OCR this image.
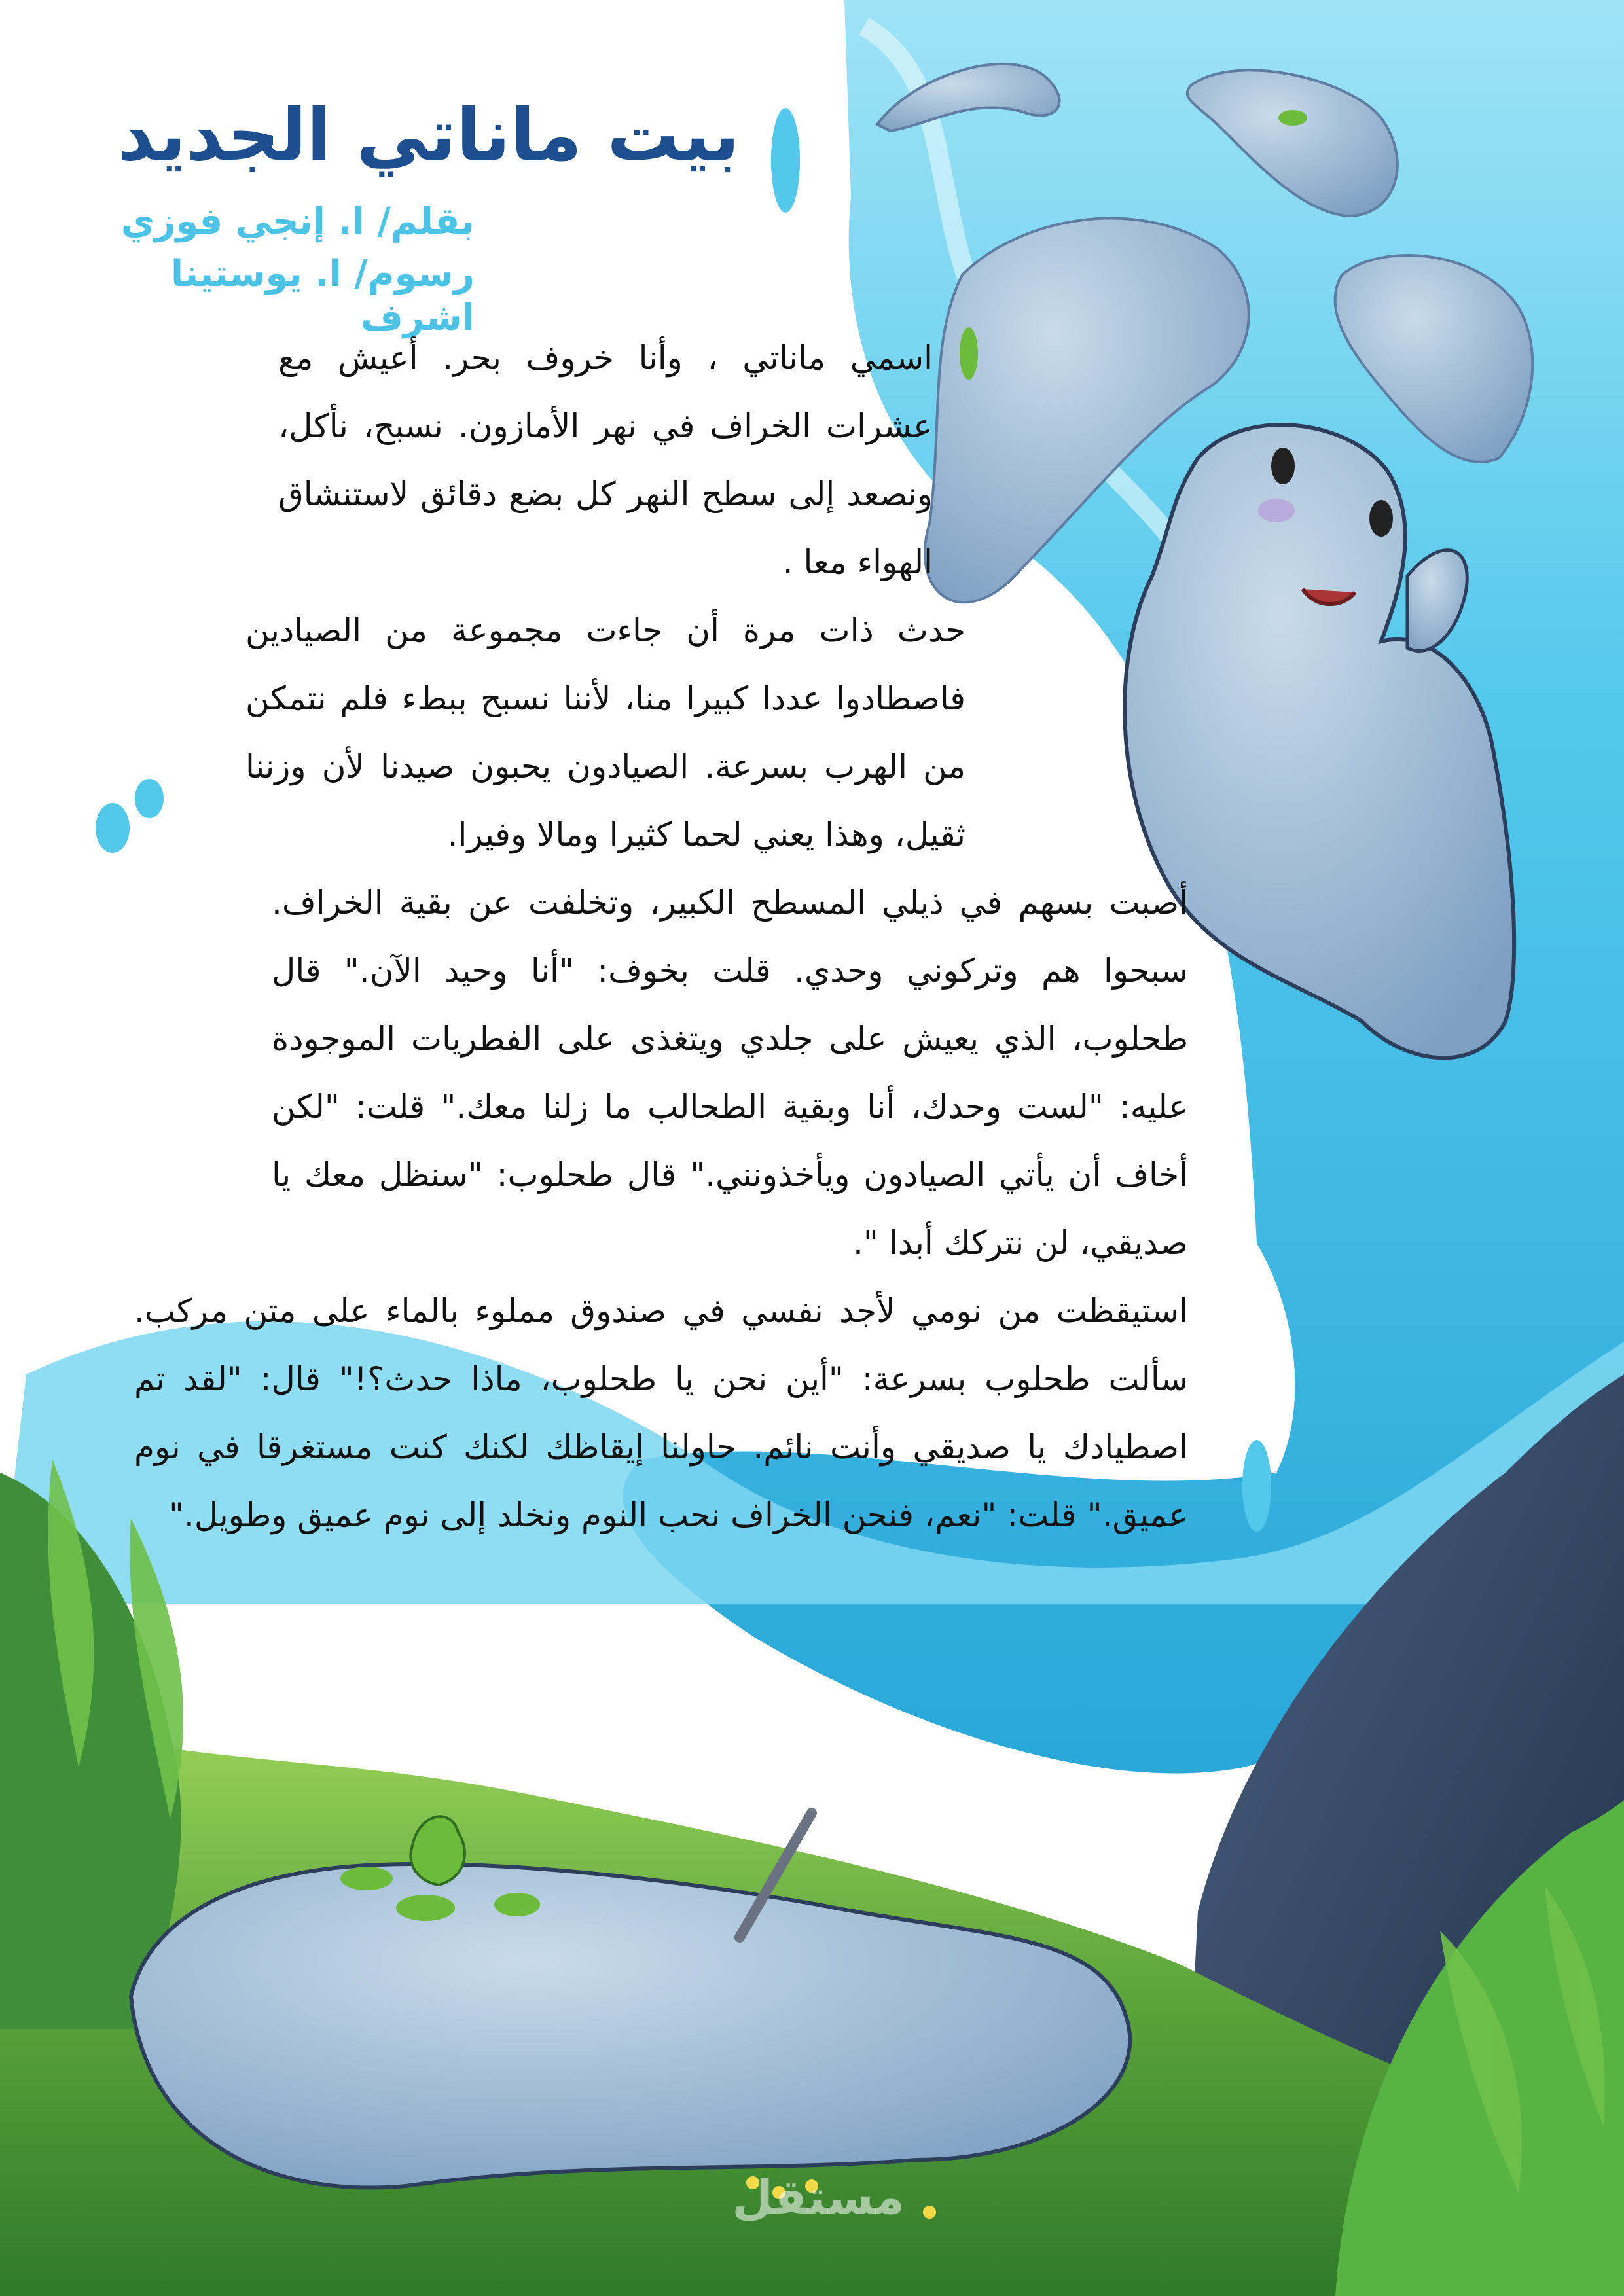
بيت ماناتي الجديد
بقلم/ ا. إنجي فوزي
رسوم/ ا. يوستينا اشرف

اسمي ماناتي ، وأنا خروف بحر. أعيش مع عشرات الخراف في نهر الأمازون. نسبح، نأكل، ونصعد إلى سطح النهر كل بضع دقائق لاستنشاق الهواء معا .

حدث ذات مرة أن جاءت مجموعة من الصيادين فاصطادوا عددا كبيرا منا، لأننا نسبح ببطء فلم نتمكن من الهرب بسرعة. الصيادون يحبون صيدنا لأن وزننا ثقيل، وهذا يعني لحما كثيرا ومالا وفيرا.

أصبت بسهم في ذيلي المسطح الكبير، وتخلفت عن بقية الخراف. سبحوا هم وتركوني وحدي. قلت بخوف: "أنا وحيد الآن." قال طحلوب، الذي يعيش على جلدي ويتغذى على الفطريات الموجودة عليه: "لست وحدك، أنا وبقية الطحالب ما زلنا معك." قلت: "لكن أخاف أن يأتي الصيادون ويأخذونني." قال طحلوب: "سنظل معك يا صديقي، لن نتركك أبدا ".

استيقظت من نومي لأجد نفسي في صندوق مملوء بالماء على متن مركب. سألت طحلوب بسرعة: "أين نحن يا طحلوب، ماذا حدث؟!" قال: "لقد تم اصطيادك يا صديقي وأنت نائم. حاولنا إيقاظك لكنك كنت مستغرقا في نوم عميق." قلت: "نعم، فنحن الخراف نحب النوم ونخلد إلى نوم عميق وطويل."

مستقل
